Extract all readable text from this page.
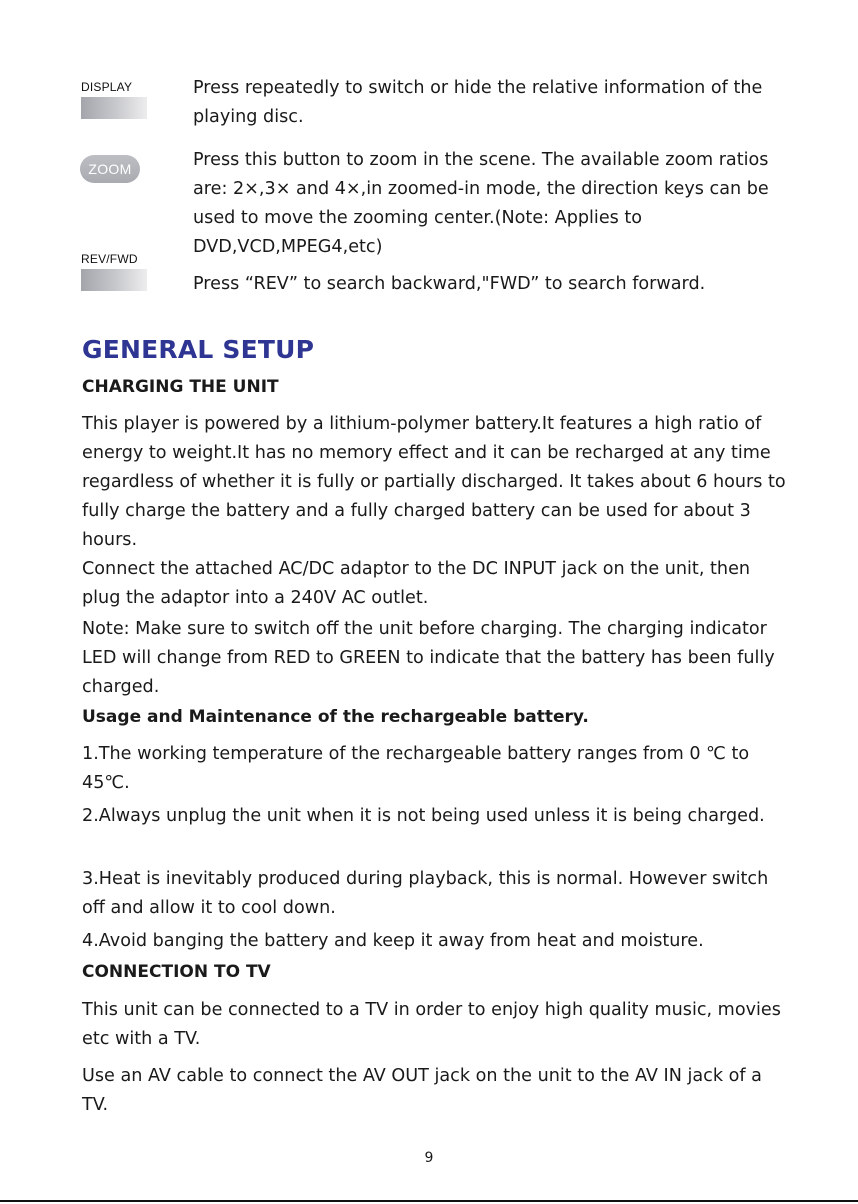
DISPLAY	Press repeatedly to switch or hide the relative information of the playing disc.

ZOOM	Press this button to zoom in the scene. The available zoom ratios are: 2×,3× and 4×,in zoomed-in mode, the direction keys can be used to move the zooming center.(Note: Applies to DVD,VCD,MPEG4,etc)

REV/FWD

Press “REV” to search backward,"FWD” to search forward.

GENERAL SETUP
CHARGING THE UNIT

This player is powered by a lithium-polymer battery.It features a high ratio of energy to weight.It has no memory effect and it can be recharged at any time regardless of whether it is fully or partially discharged. It takes about 6 hours to fully charge the battery and a fully charged battery can be used for about 3 hours.

Connect the attached AC/DC adaptor to the DC INPUT jack on the unit, then plug the adaptor into a 240V AC outlet.

Note: Make sure to switch off the unit before charging. The charging indicator LED will change from RED to GREEN to indicate that the battery has been fully charged.

Usage and Maintenance of the rechargeable battery.

1.The working temperature of the rechargeable battery ranges from 0 ℃ to 45℃.

2.Always unplug the unit when it is not being used unless it is being charged.

3.Heat is inevitably produced during playback, this is normal. However switch off and allow it to cool down.

4.Avoid banging the battery and keep it away from heat and moisture.

CONNECTION TO TV

This unit can be connected to a TV in order to enjoy high quality music, movies etc with a TV.

Use an AV cable to connect the AV OUT jack on the unit to the AV IN jack of a TV.

9
